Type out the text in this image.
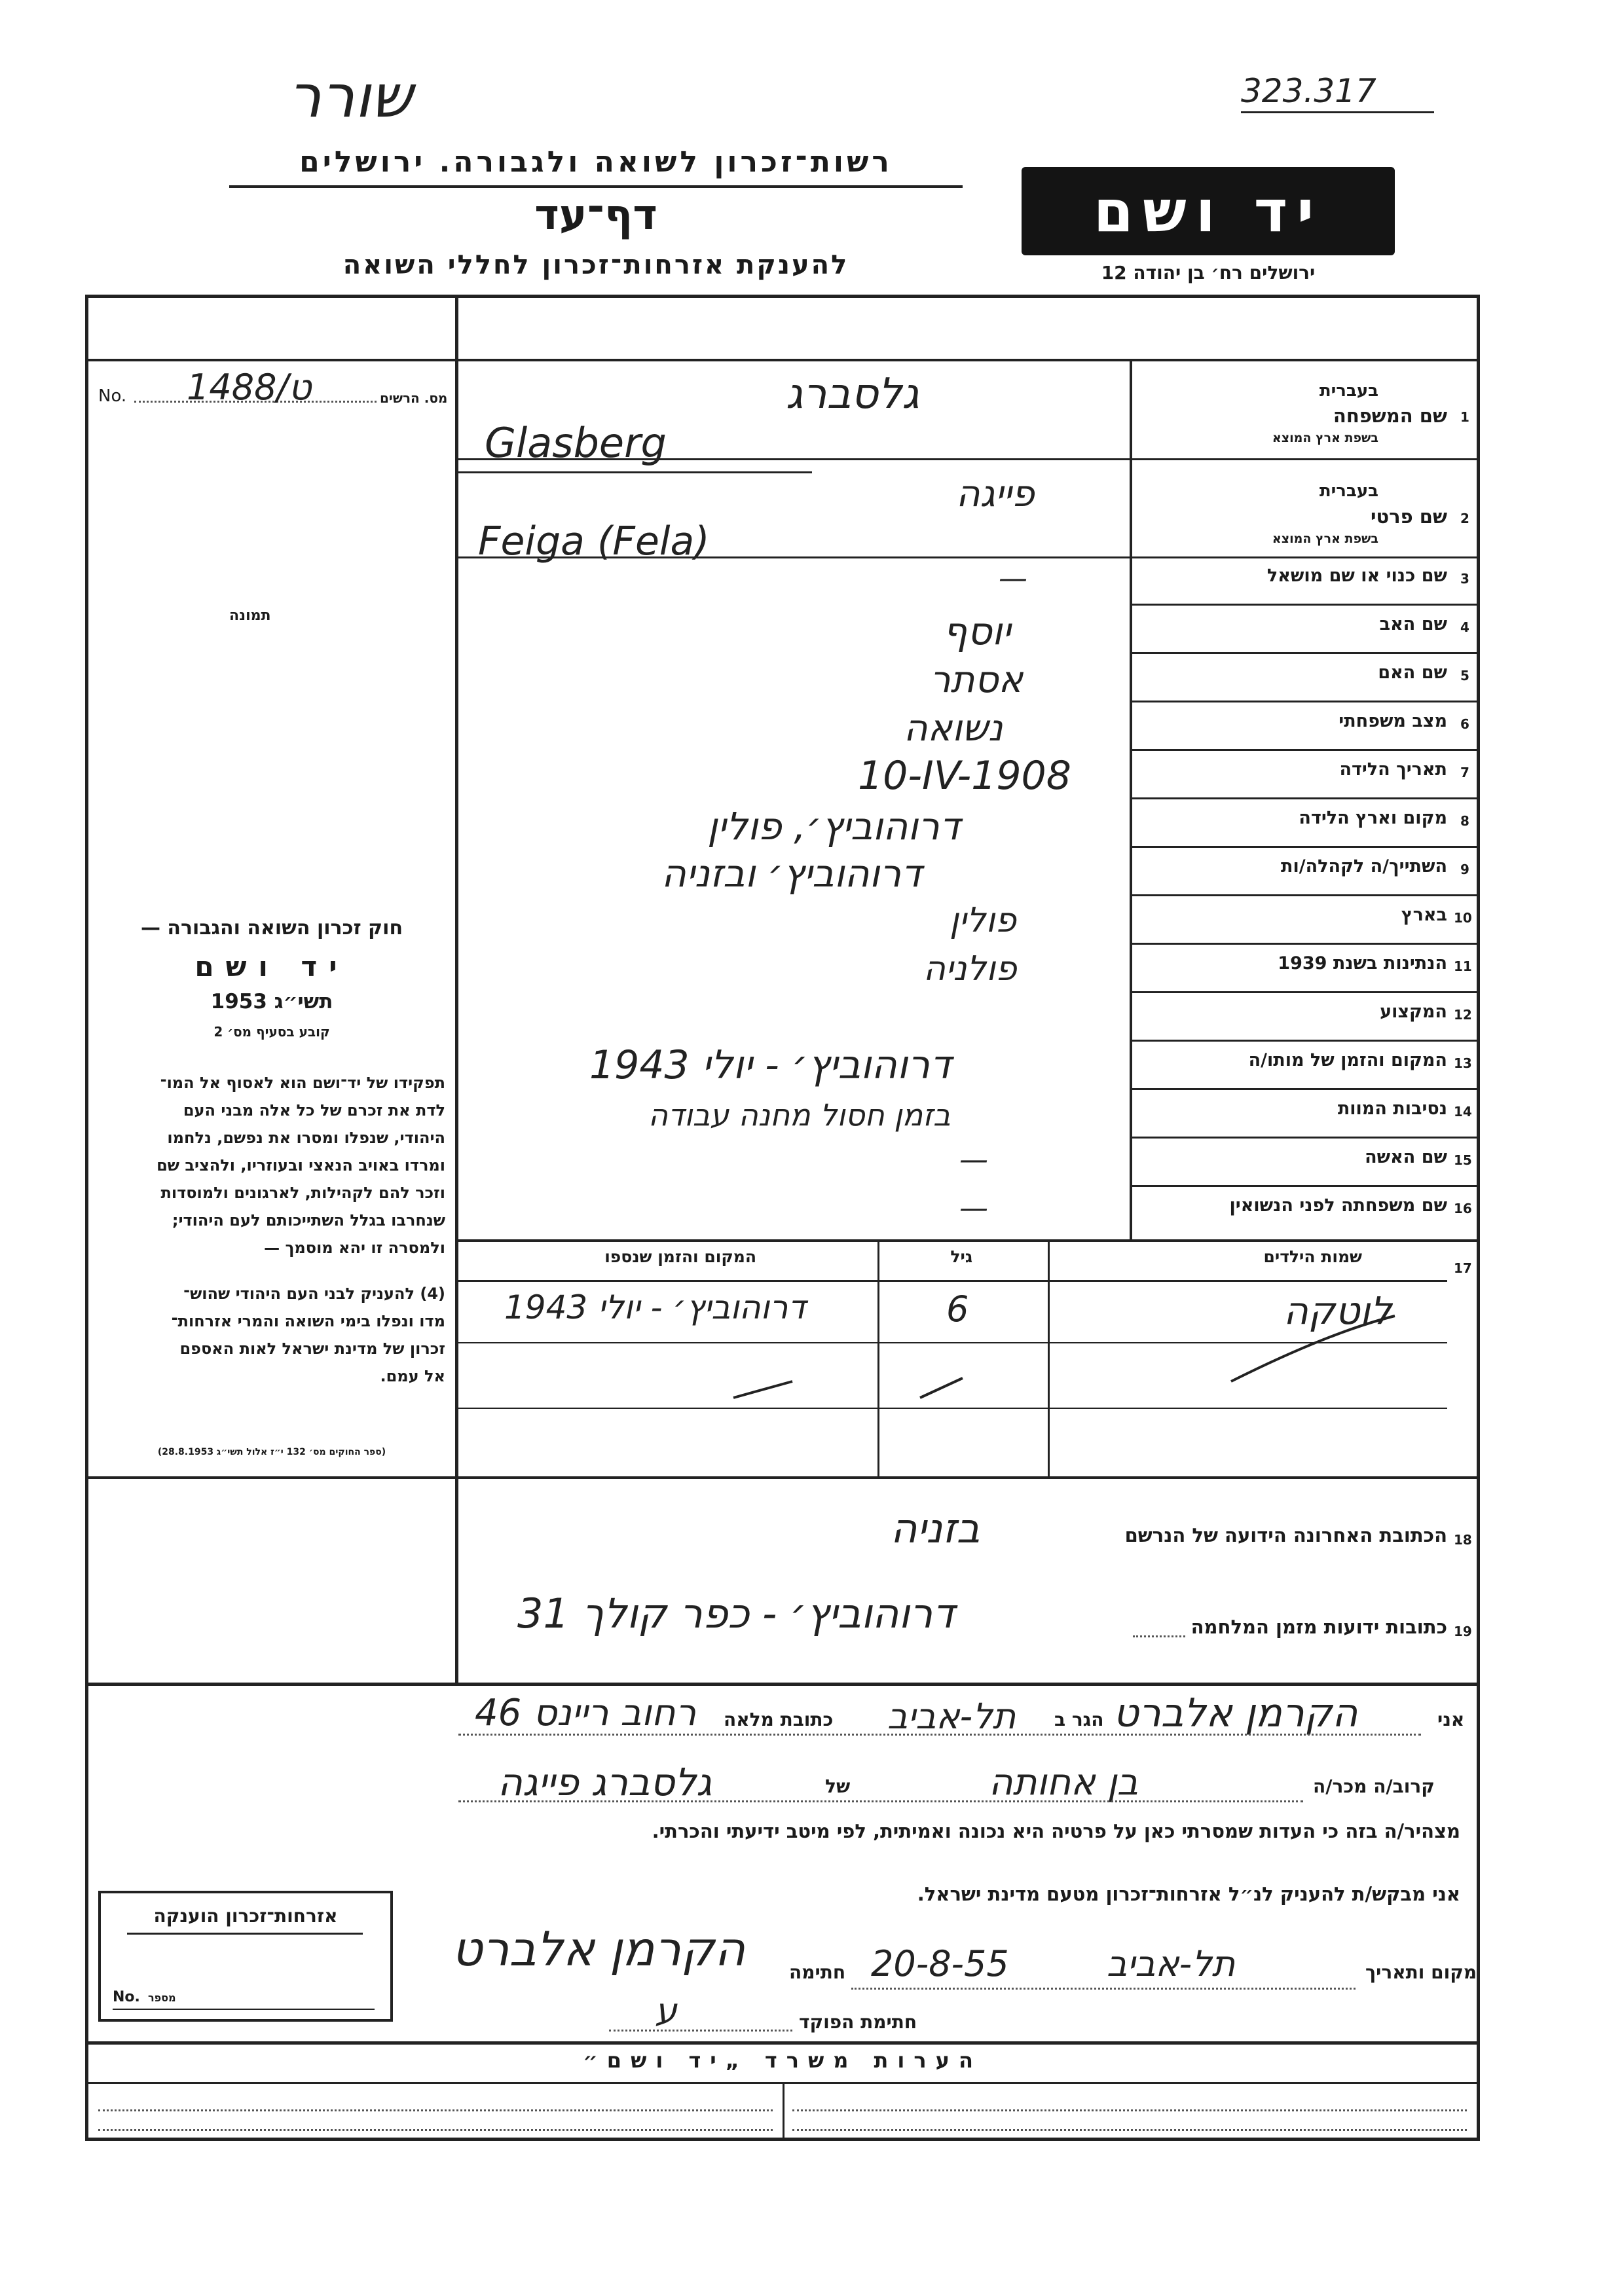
שורר	323.317
רשות־זכרון לשואה ולגבורה. ירושלים
דף־עד
להענקת אזרחות־זכרון לחללי השואה
יד ושם
ירושלים רח׳ בן יהודה 12
No. ט/1488	מס. הרשים
תמונה
חוק זכרון השואה והגבורה —
יד ושם
תשי״ג 1953
קובע בסעיף מס׳ 2
תפקידו של יד־ושם הוא לאסוף אל המו־
לדת את זכרם של כל אלה מבני העם
היהודי, שנפלו ומסרו את נפשם, נלחמו
ומרדו באויב הנאצי ובעוזריו, ולהציב שם
וזכר להם לקהילות, לארגונים ולמוסדות
שנחרבו בגלל השתייכותם לעם היהודי;
ולמסרה זו יהא מוסמך —
(4) להעניק לבני העם היהודי שהוש־
מדו ונפלו בימי השואה והמרי אזרחות־
זכרון של מדינת ישראל לאות האספם
אל עמם.
(ספר החוקים מס׳ 132 י״ז אלול תשי״ג 28.8.1953)
1
שם המשפחה
בעברית
בשפת ארץ המוצא
גלסברג
Glasberg
2
שם פרטי
בעברית
בשפת ארץ המוצא
פייגה
Feiga (Fela)
3
שם כנוי או שם מושאל
—
4
שם האב
יוסף
5
שם האם
אסתר
6
מצב משפחתי
נשואה
7
תאריך הלידה
10-IV-1908
8
מקום וארץ הלידה
דרוהוביץ׳, פולין
9
השתייך/ה לקהלה/ות
דרוהוביץ׳ ובזניה
10
בארץ
פולין
11
הנתינות בשנת 1939
פולניה
12
המקצוע
13
המקום והזמן של מותו/ה
דרוהוביץ׳ - יולי 1943
14
נסיבות המוות
בזמן חסול מחנה עבודה
15
שם האשה
—
16
שם משפחתה לפני הנשואין
—
17
שמות הילדים
גיל
המקום והזמן שנספו
לוטקה
6
דרוהוביץ׳ - יולי 1943
18
הכתובת האחרונה הידועה של הנרשם
בזניה
19
כתובות ידועות מזמן המלחמה
דרוהוביץ׳ - כפר קולך 31
אני
הקרמן אלברט
הגר ב
תל-אביב
כתובת מלאה
רחוב ריינס 46
קרוב/ה מכר/ה
בן אחותה
של
גלסברג פייגה
מצהיר/ה בזה כי העדות שמסרתי כאן על פרטיה היא נכונה ואמיתית, לפי מיטב ידיעתי והכרתי.
אני מבקש/ת להעניק לנ״ל אזרחות־זכרון מטעם מדינת ישראל.
מקום ותאריך
תל-אביב
20-8-55
חתימה
הקרמן אלברט
חתימת הפוקד
ע
אזרחות־זכרון הוענקה
No. מספר
הערות משרד „יד ושם״
